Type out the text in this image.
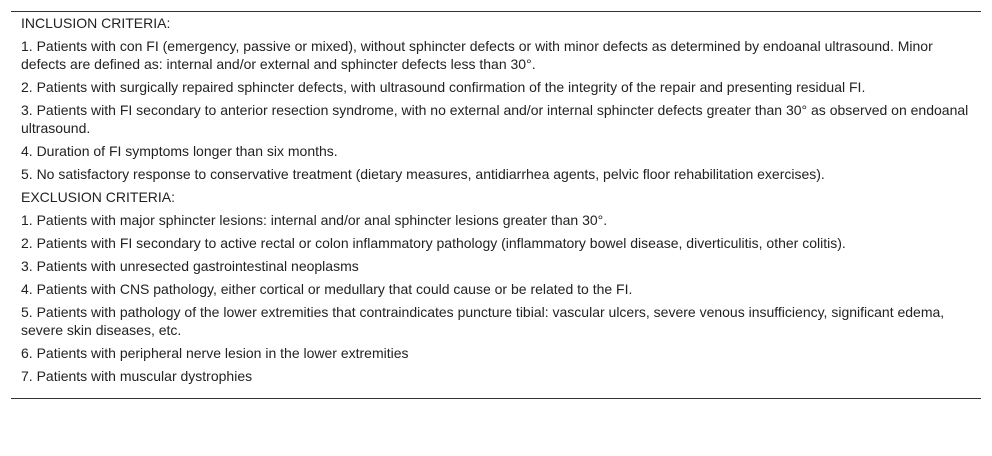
INCLUSION CRITERIA:
1. Patients with con FI (emergency, passive or mixed), without sphincter defects or with minor defects as determined by endoanal ultrasound. Minor defects are defined as: internal and/or external and sphincter defects less than 30°.
2. Patients with surgically repaired sphincter defects, with ultrasound confirmation of the integrity of the repair and presenting residual FI.
3. Patients with FI secondary to anterior resection syndrome, with no external and/or internal sphincter defects greater than 30° as observed on endoanal ultrasound.
4. Duration of FI symptoms longer than six months.
5. No satisfactory response to conservative treatment (dietary measures, antidiarrhea agents, pelvic floor rehabilitation exercises).
EXCLUSION CRITERIA:
1. Patients with major sphincter lesions: internal and/or anal sphincter lesions greater than 30°.
2. Patients with FI secondary to active rectal or colon inflammatory pathology (inflammatory bowel disease, diverticulitis, other colitis).
3. Patients with unresected gastrointestinal neoplasms
4. Patients with CNS pathology, either cortical or medullary that could cause or be related to the FI.
5. Patients with pathology of the lower extremities that contraindicates puncture tibial: vascular ulcers, severe venous insufficiency, significant edema, severe skin diseases, etc.
6. Patients with peripheral nerve lesion in the lower extremities
7. Patients with muscular dystrophies
